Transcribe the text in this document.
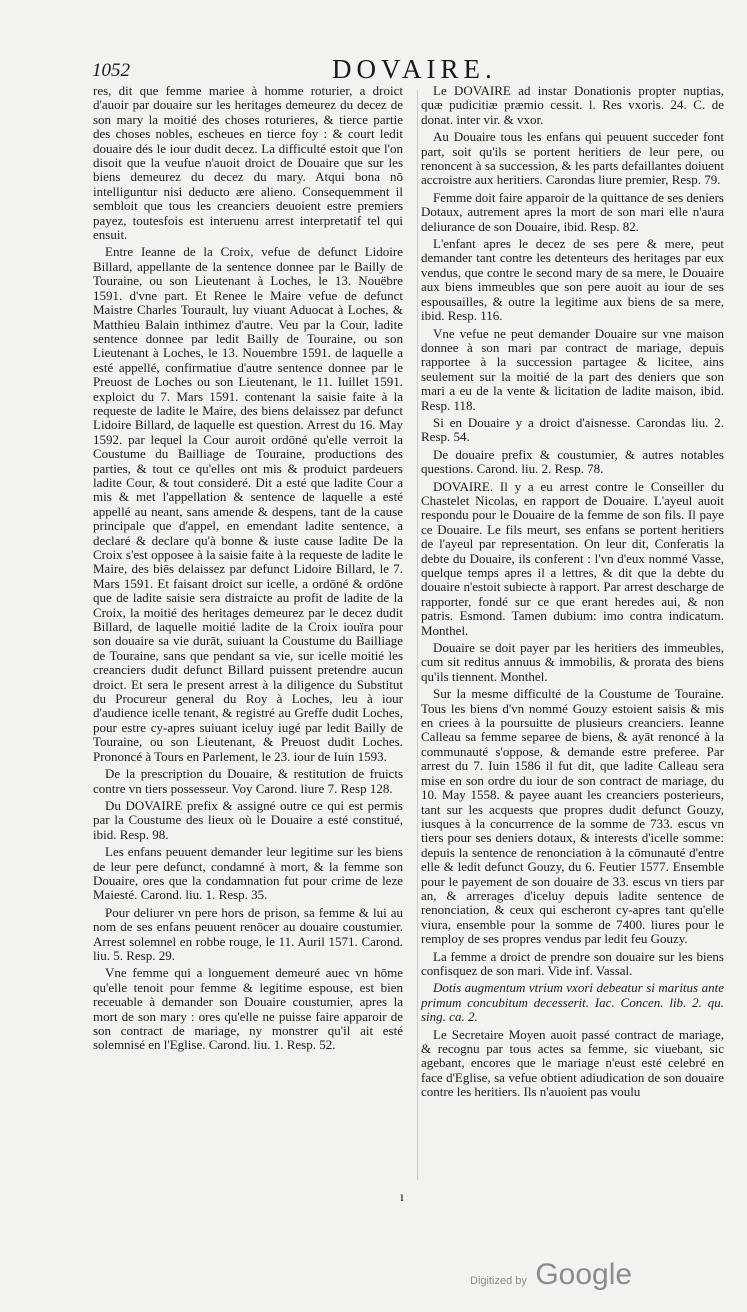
1052	DOVAIRE.

res, dit que femme mariee à homme roturier, a droict d'auoir par douaire sur les heritages demeurez du decez de son mary la moitié des choses roturieres, & tierce partie des choses nobles, escheues en tierce foy : & court ledit douaire dés le iour dudit decez. La difficulté estoit que l'on disoit que la veufue n'auoit droict de Douaire que sur les biens demeurez du decez du mary. Atqui bona nō intelliguntur nisi deducto ære alieno. Consequemment il sembloit que tous les creanciers deuoient estre premiers payez, toutesfois est interuenu arrest interpretatif tel qui ensuit.

Entre Ieanne de la Croix, vefue de defunct Lidoire Billard, appellante de la sentence donnee par le Bailly de Touraine, ou son Lieutenant à Loches, le 13. Nouëbre 1591. d'vne part. Et Renee le Maire vefue de defunct Maistre Charles Tourault, luy viuant Aduocat à Loches, & Matthieu Balain inthimez d'autre. Veu par la Cour, ladite sentence donnee par ledit Bailly de Touraine, ou son Lieutenant à Loches, le 13. Nouembre 1591. de laquelle a esté appellé, confirmatiue d'autre sentence donnee par le Preuost de Loches ou son Lieutenant, le 11. Iuillet 1591. exploict du 7. Mars 1591. contenant la saisie faite à la requeste de ladite le Maire, des biens delaissez par defunct Lidoire Billard, de laquelle est question. Arrest du 16. May 1592. par lequel la Cour auroit ordōné qu'elle verroit la Coustume du Bailliage de Touraine, productions des parties, & tout ce qu'elles ont mis & produict pardeuers ladite Cour, & tout consideré. Dit a esté que ladite Cour a mis & met l'appellation & sentence de laquelle a esté appellé au neant, sans amende & despens, tant de la cause principale que d'appel, en emendant ladite sentence, a declaré & declare qu'à bonne & iuste cause ladite De la Croix s'est opposee à la saisie faite à la requeste de ladite le Maire, des biēs delaissez par defunct Lidoire Billard, le 7. Mars 1591. Et faisant droict sur icelle, a ordōné & ordōne que de ladite saisie sera distraicte au profit de ladite de la Croix, la moitié des heritages demeurez par le decez dudit Billard, de laquelle moitié ladite de la Croix iouïra pour son douaire sa vie durāt, suiuant la Coustume du Bailliage de Touraine, sans que pendant sa vie, sur icelle moitié les creanciers dudit defunct Billard puissent pretendre aucun droict. Et sera le present arrest à la diligence du Substitut du Procureur general du Roy à Loches, leu à iour d'audience icelle tenant, & registré au Greffe dudit Loches, pour estre cy-apres suiuant iceluy iugé par ledit Bailly de Touraine, ou son Lieutenant, & Preuost dudit Loches. Prononcé à Tours en Parlement, le 23. iour de Iuin 1593.

De la prescription du Douaire, & restitution de fruicts contre vn tiers possesseur. Voy Carond. liure 7. Resp 128.

Du DOVAIRE prefix & assigné outre ce qui est permis par la Coustume des lieux où le Douaire a esté constitué, ibid. Resp. 98.

Les enfans peuuent demander leur legitime sur les biens de leur pere defunct, condamné à mort, & la femme son Douaire, ores que la condamnation fut pour crime de leze Maiesté. Carond. liu. 1. Resp. 35.

Pour deliurer vn pere hors de prison, sa femme & lui au nom de ses enfans peuuent renōcer au douaire coustumier. Arrest solemnel en robbe rouge, le 11. Auril 1571. Carond. liu. 5. Resp. 29.

Vne femme qui a longuement demeuré auec vn hōme qu'elle tenoit pour femme & legitime espouse, est bien receuable à demander son Douaire coustumier, apres la mort de son mary : ores qu'elle ne puisse faire apparoir de son contract de mariage, ny monstrer qu'il ait esté solemnisé en l'Eglise. Carond. liu. 1. Resp. 52.

Le DOVAIRE ad instar Donationis propter nuptias, quæ pudicitiæ præmio cessit. l. Res vxoris. 24. C. de donat. inter vir. & vxor.

Au Douaire tous les enfans qui peuuent succeder font part, soit qu'ils se portent heritiers de leur pere, ou renoncent à sa succession, & les parts defaillantes doiuent accroistre aux heritiers. Carondas liure premier, Resp. 79.

Femme doit faire apparoir de la quittance de ses deniers Dotaux, autrement apres la mort de son mari elle n'aura deliurance de son Douaire, ibid. Resp. 82.

L'enfant apres le decez de ses pere & mere, peut demander tant contre les detenteurs des heritages par eux vendus, que contre le second mary de sa mere, le Douaire aux biens immeubles que son pere auoit au iour de ses espousailles, & outre la legitime aux biens de sa mere, ibid. Resp. 116.

Vne vefue ne peut demander Douaire sur vne maison donnee à son mari par contract de mariage, depuis rapportee à la succession partagee & licitee, ains seulement sur la moitié de la part des deniers que son mari a eu de la vente & licitation de ladite maison, ibid. Resp. 118.

Si en Douaire y a droict d'aisnesse. Carondas liu. 2. Resp. 54.

De douaire prefix & coustumier, & autres notables questions. Carond. liu. 2. Resp. 78.

DOVAIRE. Il y a eu arrest contre le Conseiller du Chastelet Nicolas, en rapport de Douaire. L'ayeul auoit respondu pour le Douaire de la femme de son fils. Il paye ce Douaire. Le fils meurt, ses enfans se portent heritiers de l'ayeul par representation. On leur dit, Conferatis la debte du Douaire, ils conferent : l'vn d'eux nommé Vasse, quelque temps apres il a lettres, & dit que la debte du douaire n'estoit subiecte à rapport. Par arrest descharge de rapporter, fondé sur ce que erant heredes aui, & non patris. Esmond. Tamen dubium: imo contra indicatum. Monthel.

Douaire se doit payer par les heritiers des immeubles, cum sit reditus annuus & immobilis, & prorata des biens qu'ils tiennent. Monthel.

Sur la mesme difficulté de la Coustume de Touraine. Tous les biens d'vn nommé Gouzy estoient saisis & mis en criees à la poursuitte de plusieurs creanciers. Ieanne Calleau sa femme separee de biens, & ayāt renoncé à la communauté s'oppose, & demande estre preferee. Par arrest du 7. Iuin 1586 il fut dit, que ladite Calleau sera mise en son ordre du iour de son contract de mariage, du 10. May 1558. & payee auant les creanciers posterieurs, tant sur les acquests que propres dudit defunct Gouzy, iusques à la concurrence de la somme de 733. escus vn tiers pour ses deniers dotaux, & interests d'icelle somme: depuis la sentence de renonciation à la cōmunauté d'entre elle & ledit defunct Gouzy, du 6. Feutier 1577. Ensemble pour le payement de son douaire de 33. escus vn tiers par an, & arrerages d'iceluy depuis ladite sentence de renonciation, & ceux qui escheront cy-apres tant qu'elle viura, ensemble pour la somme de 7400. liures pour le remploy de ses propres vendus par ledit feu Gouzy.

La femme a droict de prendre son douaire sur les biens confisquez de son mari. Vide inf. Vassal.

Dotis augmentum vtrium vxori debeatur si maritus ante primum concubitum decesserit. Iac. Concen. lib. 2. qu. sing. ca. 2.

Le Secretaire Moyen auoit passé contract de mariage, & recognu par tous actes sa femme, sic viuebant, sic agebant, encores que le mariage n'eust esté celebré en face d'Eglise, sa vefue obtient adiudication de son douaire contre les heritiers. Ils n'auoient pas voulu

ı
Digitized by Google
